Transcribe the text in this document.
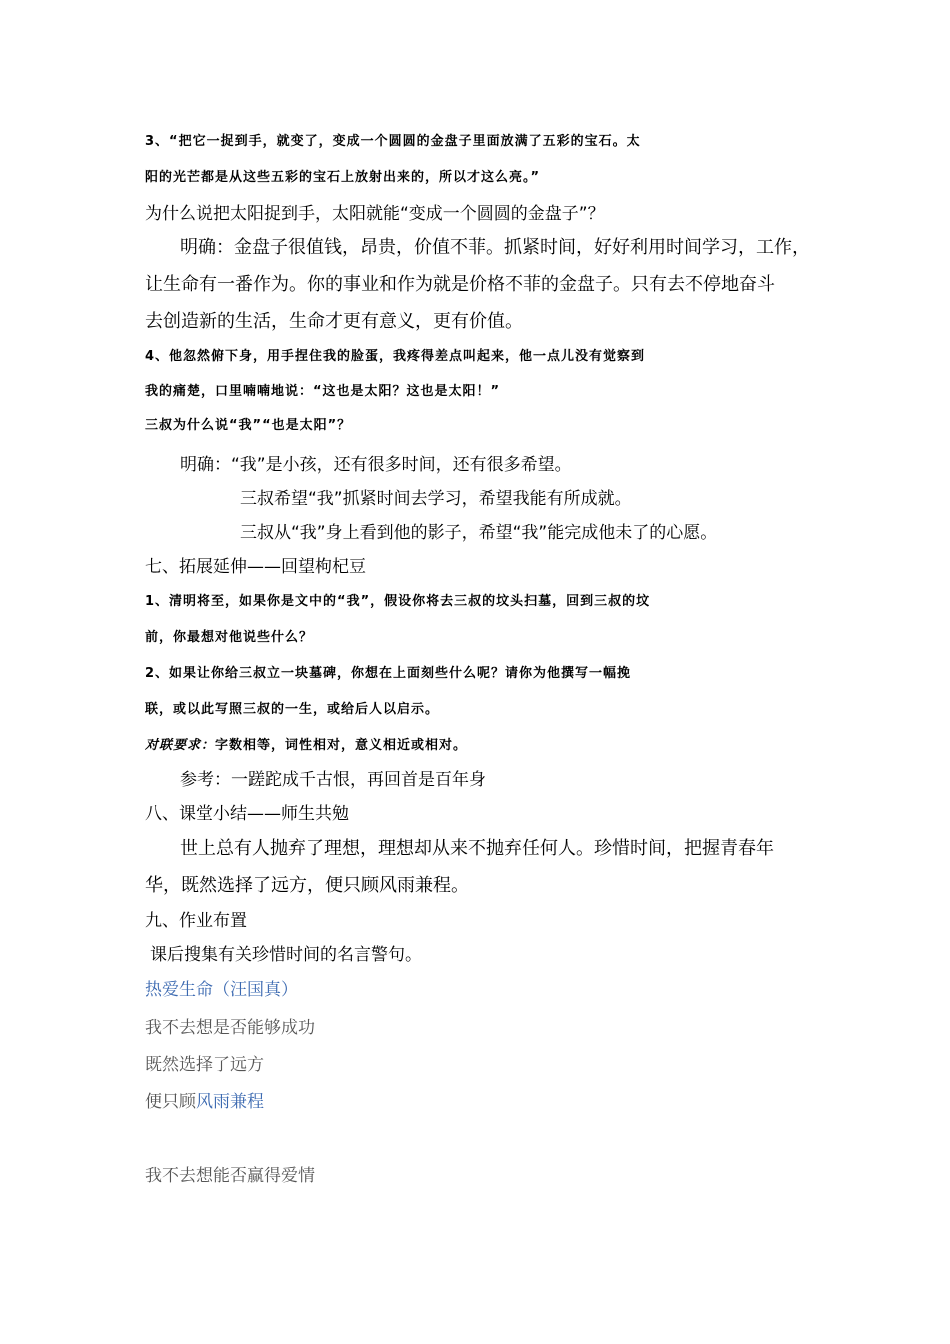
3、“把它一捉到手，就变了，变成一个圆圆的金盘子里面放满了五彩的宝石。太
阳的光芒都是从这些五彩的宝石上放射出来的，所以才这么亮。”
为什么说把太阳捉到手，太阳就能“变成一个圆圆的金盘子”？
明确：金盘子很值钱，昂贵，价值不菲。抓紧时间，好好利用时间学习，工作，
让生命有一番作为。你的事业和作为就是价格不菲的金盘子。只有去不停地奋斗
去创造新的生活，生命才更有意义，更有价值。
4、他忽然俯下身，用手捏住我的脸蛋，我疼得差点叫起来，他一点儿没有觉察到
我的痛楚，口里喃喃地说：“这也是太阳？这也是太阳！”
三叔为什么说“我”“也是太阳”？
明确：“我”是小孩，还有很多时间，还有很多希望。
三叔希望“我”抓紧时间去学习，希望我能有所成就。
三叔从“我”身上看到他的影子，希望“我”能完成他未了的心愿。
七、拓展延伸——回望枸杞豆
1、清明将至，如果你是文中的“我”，假设你将去三叔的坟头扫墓，回到三叔的坟
前，你最想对他说些什么？
2、如果让你给三叔立一块墓碑，你想在上面刻些什么呢？请你为他撰写一幅挽
联，或以此写照三叔的一生，或给后人以启示。
对联要求：字数相等，词性相对，意义相近或相对。
参考：一蹉跎成千古恨，再回首是百年身
八、课堂小结——师生共勉
世上总有人抛弃了理想，理想却从来不抛弃任何人。珍惜时间，把握青春年
华，既然选择了远方，便只顾风雨兼程。
九、作业布置
课后搜集有关珍惜时间的名言警句。
热爱生命（汪国真）
我不去想是否能够成功
既然选择了远方
便只顾风雨兼程
我不去想能否赢得爱情
